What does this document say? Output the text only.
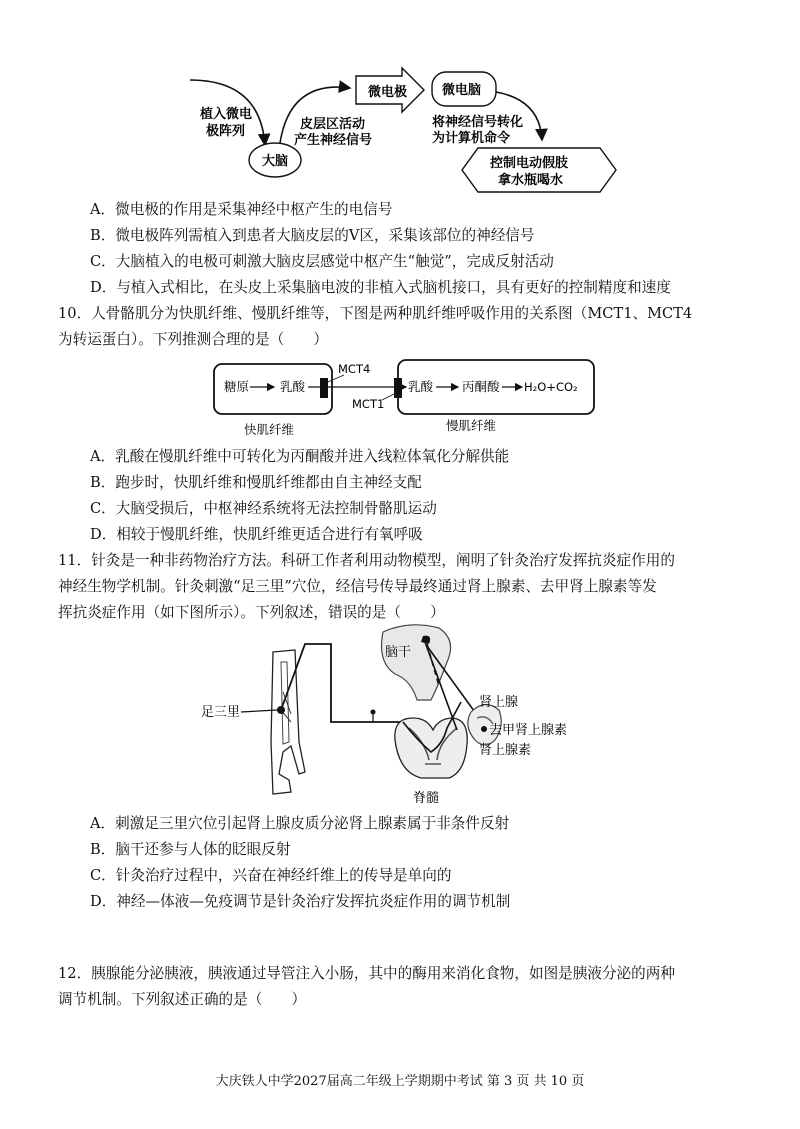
植入微电
极阵列
大脑
皮层区活动
产生神经信号
微电极	微电脑
将神经信号转化
为计算机命令
控制电动假肢
拿水瓶喝水
A．微电极的作用是采集神经中枢产生的电信号
B．微电极阵列需植入到患者大脑皮层的Ⅴ区，采集该部位的神经信号
C．大脑植入的电极可刺激大脑皮层感觉中枢产生“触觉”，完成反射活动
D．与植入式相比，在头皮上采集脑电波的非植入式脑机接口，具有更好的控制精度和速度
10．人骨骼肌分为快肌纤维、慢肌纤维等，下图是两种肌纤维呼吸作用的关系图（MCT1、MCT4
为转运蛋白）。下列推测合理的是（　　）
糖原 乳酸
MCT4
MCT1
乳酸 丙酮酸 H₂O+CO₂
快肌纤维	慢肌纤维
A．乳酸在慢肌纤维中可转化为丙酮酸并进入线粒体氧化分解供能
B．跑步时，快肌纤维和慢肌纤维都由自主神经支配
C．大脑受损后，中枢神经系统将无法控制骨骼肌运动
D．相较于慢肌纤维，快肌纤维更适合进行有氧呼吸
11．针灸是一种非药物治疗方法。科研工作者利用动物模型，阐明了针灸治疗发挥抗炎症作用的
神经生物学机制。针灸刺激“足三里”穴位，经信号传导最终通过肾上腺素、去甲肾上腺素等发
挥抗炎症作用（如下图所示）。下列叙述，错误的是（　　）
足三里
脊髓
脑干
肾上腺
去甲肾上腺素
肾上腺素
A．刺激足三里穴位引起肾上腺皮质分泌肾上腺素属于非条件反射
B．脑干还参与人体的眨眼反射
C．针灸治疗过程中，兴奋在神经纤维上的传导是单向的
D．神经—体液—免疫调节是针灸治疗发挥抗炎症作用的调节机制
12．胰腺能分泌胰液，胰液通过导管注入小肠，其中的酶用来消化食物，如图是胰液分泌的两种
调节机制。下列叙述正确的是（　　）
大庆铁人中学2027届高二年级上学期期中考试 第 3 页 共 10 页
